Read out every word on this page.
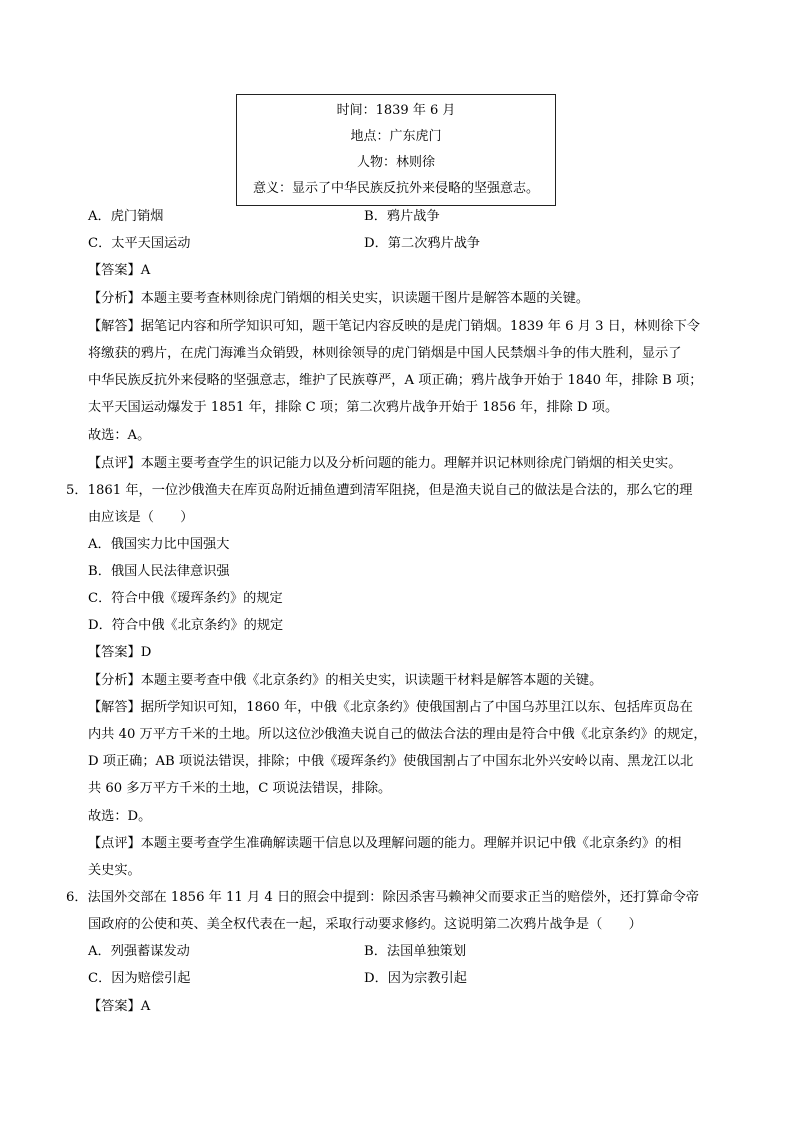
时间：1839 年 6 月
地点：广东虎门
人物：林则徐
意义：显示了中华民族反抗外来侵略的坚强意志。
A．虎门销烟	B．鸦片战争
C．太平天国运动	D．第二次鸦片战争
【答案】A
【分析】本题主要考查林则徐虎门销烟的相关史实，识读题干图片是解答本题的关键。
【解答】据笔记内容和所学知识可知，题干笔记内容反映的是虎门销烟。1839 年 6 月 3 日，林则徐下令
将缴获的鸦片，在虎门海滩当众销毁，林则徐领导的虎门销烟是中国人民禁烟斗争的伟大胜利，显示了
中华民族反抗外来侵略的坚强意志，维护了民族尊严，A 项正确；鸦片战争开始于 1840 年，排除 B 项；
太平天国运动爆发于 1851 年，排除 C 项；第二次鸦片战争开始于 1856 年，排除 D 项。
故选：A。
【点评】本题主要考查学生的识记能力以及分析问题的能力。理解并识记林则徐虎门销烟的相关史实。
5．1861 年，一位沙俄渔夫在库页岛附近捕鱼遭到清军阻挠，但是渔夫说自己的做法是合法的，那么它的理
由应该是（　　）
A．俄国实力比中国强大
B．俄国人民法律意识强
C．符合中俄《瑷珲条约》的规定
D．符合中俄《北京条约》的规定
【答案】D
【分析】本题主要考查中俄《北京条约》的相关史实，识读题干材料是解答本题的关键。
【解答】据所学知识可知，1860 年，中俄《北京条约》使俄国割占了中国乌苏里江以东、包括库页岛在
内共 40 万平方千米的土地。所以这位沙俄渔夫说自己的做法合法的理由是符合中俄《北京条约》的规定，
D 项正确；AB 项说法错误，排除；中俄《瑷珲条约》使俄国割占了中国东北外兴安岭以南、黑龙江以北
共 60 多万平方千米的土地，C 项说法错误，排除。
故选：D。
【点评】本题主要考查学生准确解读题干信息以及理解问题的能力。理解并识记中俄《北京条约》的相
关史实。
6．法国外交部在 1856 年 11 月 4 日的照会中提到：除因杀害马赖神父而要求正当的赔偿外，还打算命令帝
国政府的公使和英、美全权代表在一起，采取行动要求修约。这说明第二次鸦片战争是（　　）
A．列强蓄谋发动	B．法国单独策划
C．因为赔偿引起	D．因为宗教引起
【答案】A
